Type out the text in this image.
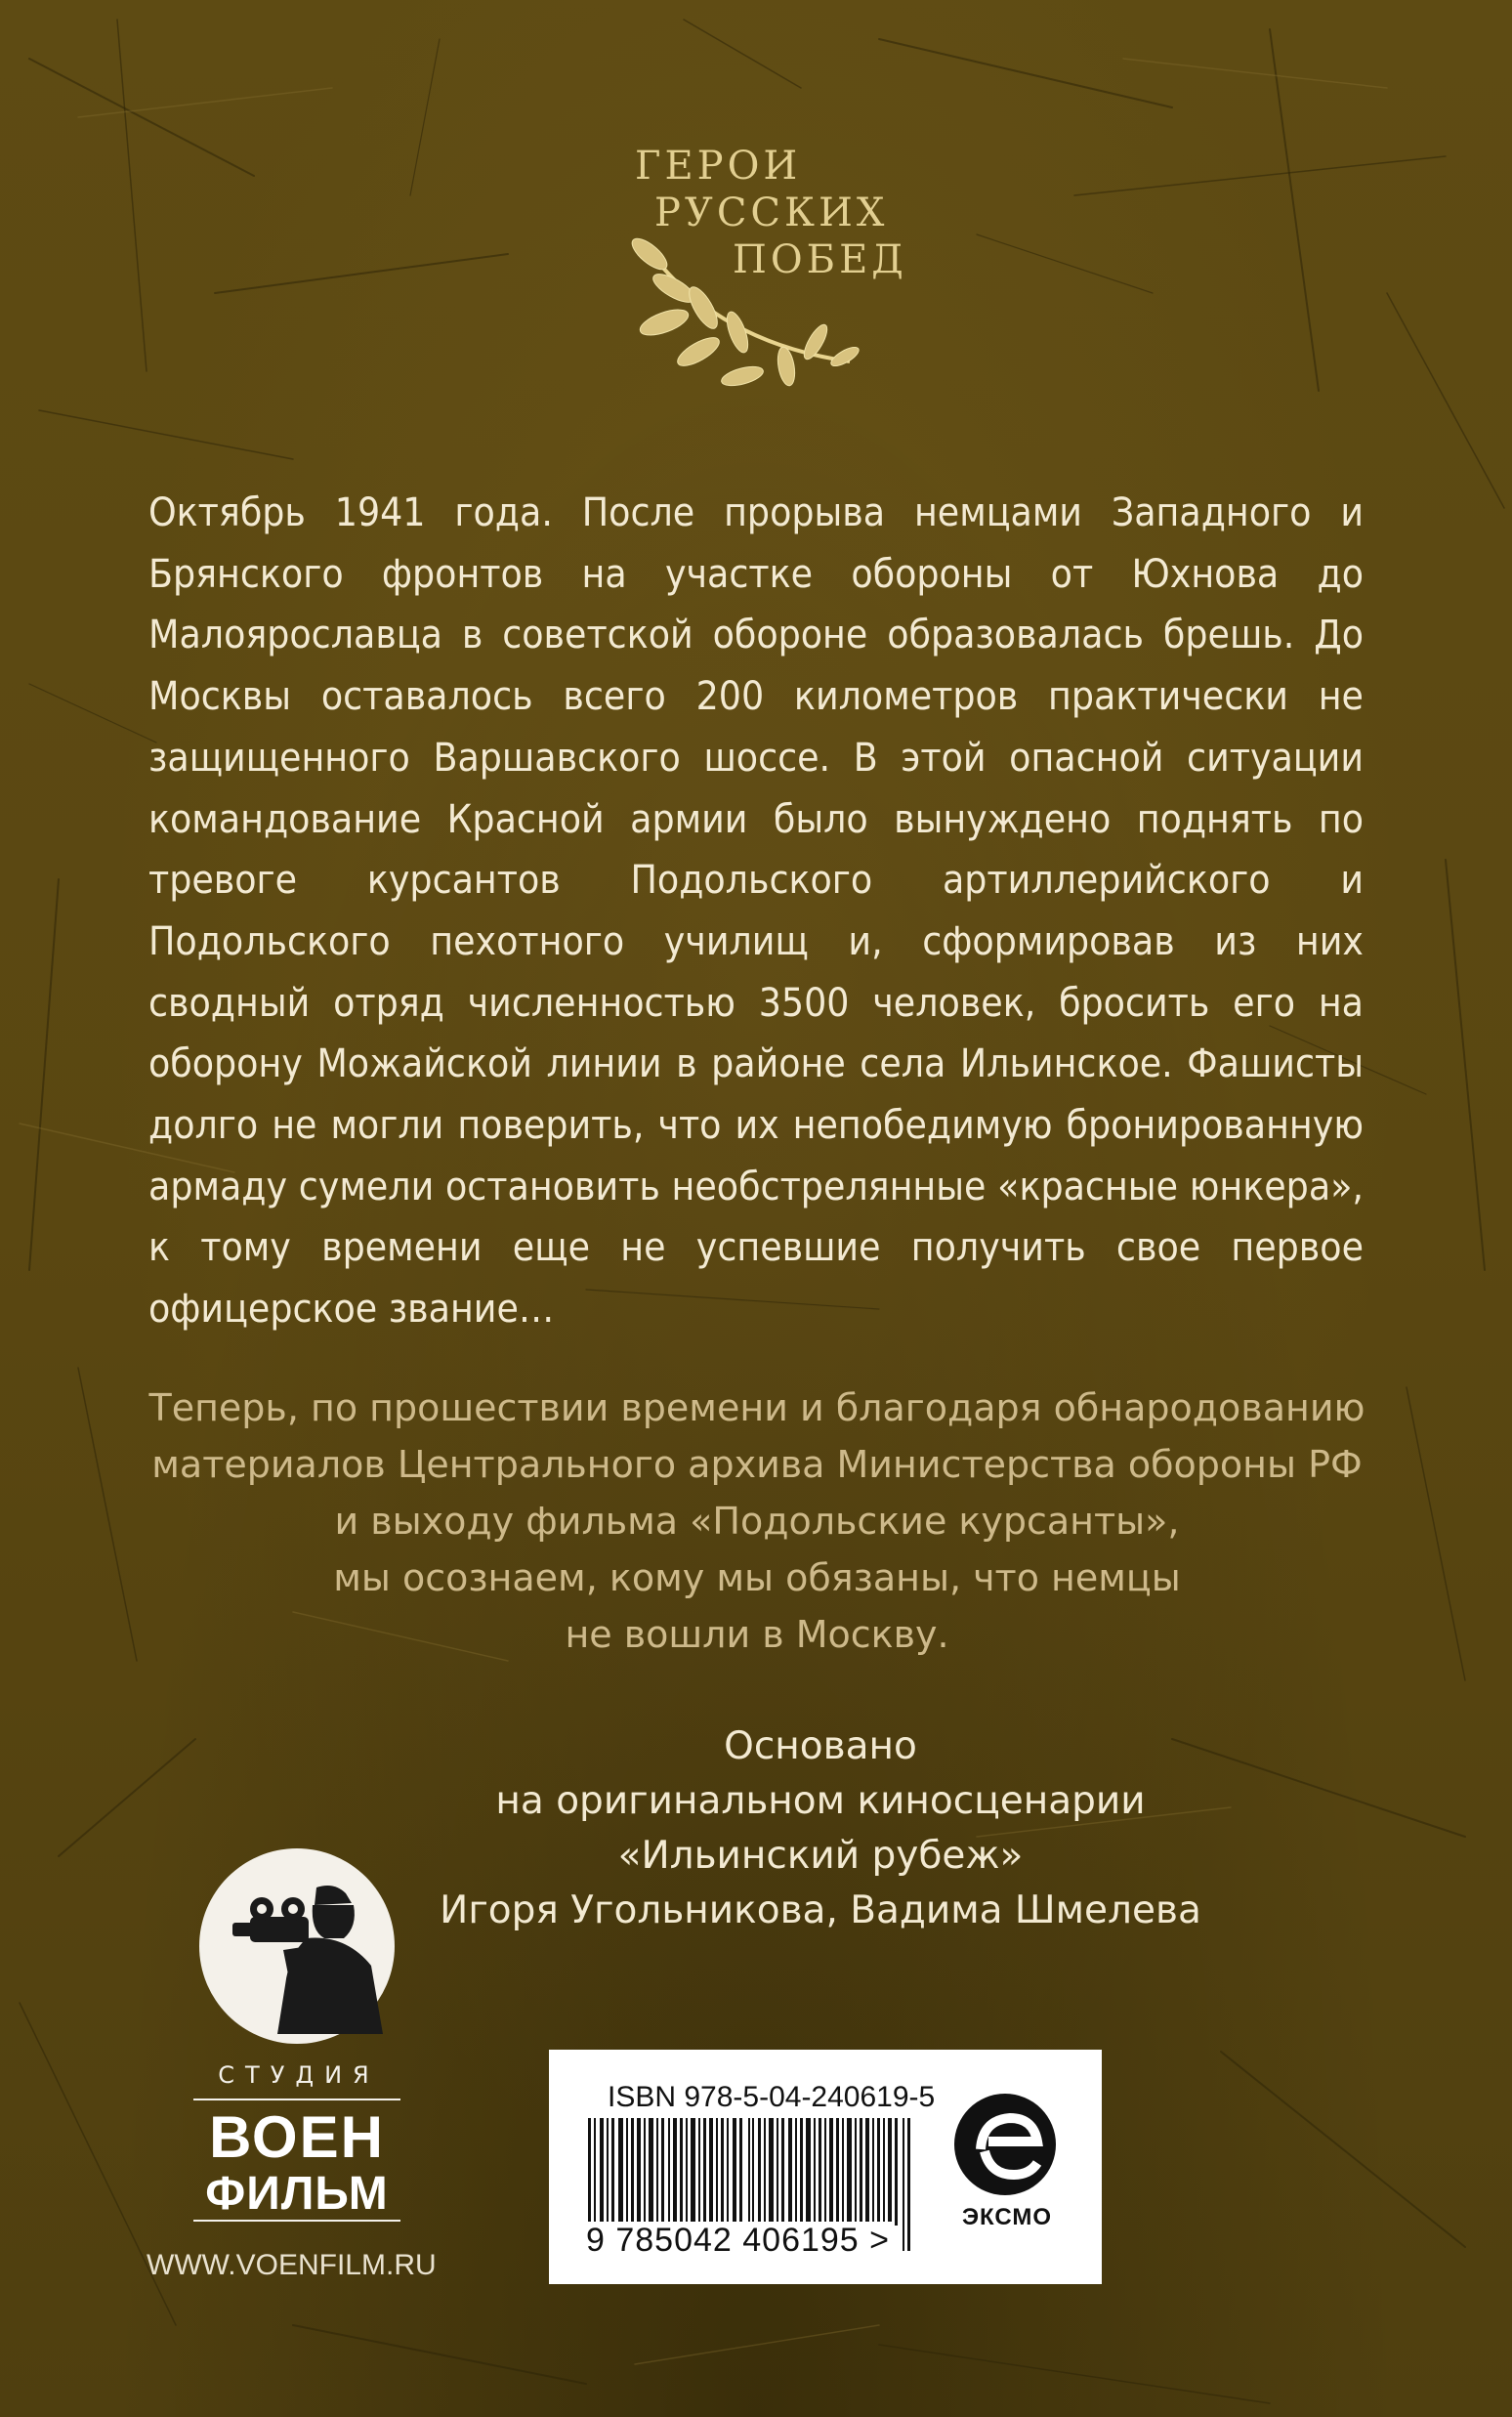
ГЕРОИ
РУССКИХ
ПОБЕД
Октябрь 1941 года. После прорыва немцами Западного и Брянского фронтов на участке обороны от Юхнова до Малоярославца в советской обороне образовалась брешь. До Москвы оставалось всего 200 километров практически не защищенного Варшавского шоссе. В этой опасной ситуации командование Красной армии было вынуждено поднять по тревоге курсантов Подольского артиллерийского и Подольского пехотного училищ и, сформировав из них сводный отряд численностью 3500 человек, бросить его на оборону Можайской линии в районе села Ильинское. Фашисты долго не могли поверить, что их непобедимую бронированную армаду сумели остановить необстрелянные «красные юнкера», к тому времени еще не успевшие получить свое первое офицерское звание…
Теперь, по прошествии времени и благодаря обнародованию
материалов Центрального архива Министерства обороны РФ
и выходу фильма «Подольские курсанты»,
мы осознаем, кому мы обязаны, что немцы
не вошли в Москву.
Основано
на оригинальном киносценарии
«Ильинский рубеж»
Игоря Угольникова, Вадима Шмелева
СТУДИЯ
ВОЕН
ФИЛЬМ
WWW.VOENFILM.RU
ISBN 978-5-04-240619-5
9 785042 406195 >
ЭКСМО
